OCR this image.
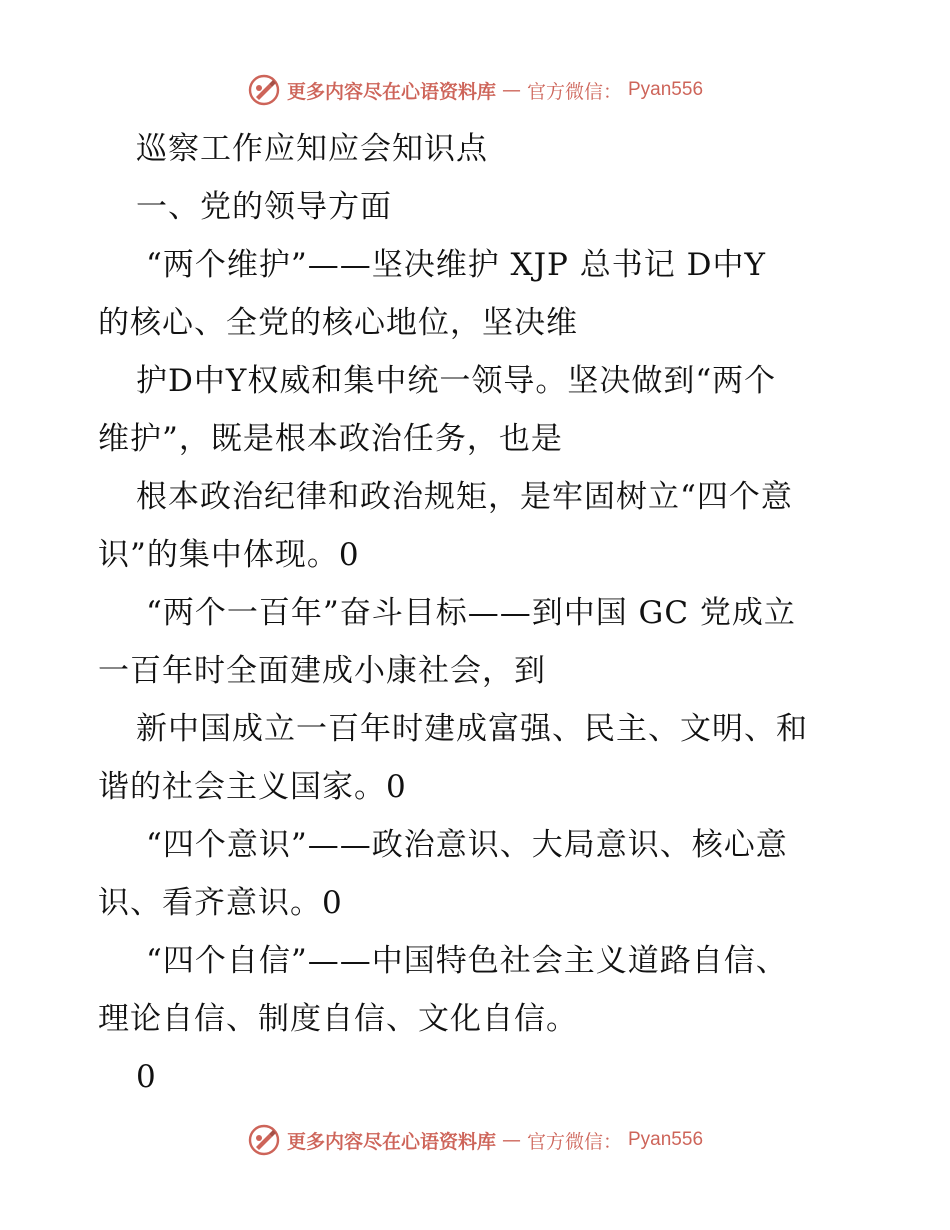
更多内容尽在心语资料库 — 官方微信： Pyan556
巡察工作应知应会知识点
一、党的领导方面
“两个维护”——坚决维护 XJP 总书记 D中Y
的核心、全党的核心地位，坚决维
护D中Y权威和集中统一领导。坚决做到“两个
维护”，既是根本政治任务，也是
根本政治纪律和政治规矩，是牢固树立“四个意
识”的集中体现。0
“两个一百年”奋斗目标——到中国 GC 党成立
一百年时全面建成小康社会，到
新中国成立一百年时建成富强、民主、文明、和
谐的社会主义国家。0
“四个意识”——政治意识、大局意识、核心意
识、看齐意识。0
“四个自信”——中国特色社会主义道路自信、
理论自信、制度自信、文化自信。
0
更多内容尽在心语资料库 — 官方微信： Pyan556
